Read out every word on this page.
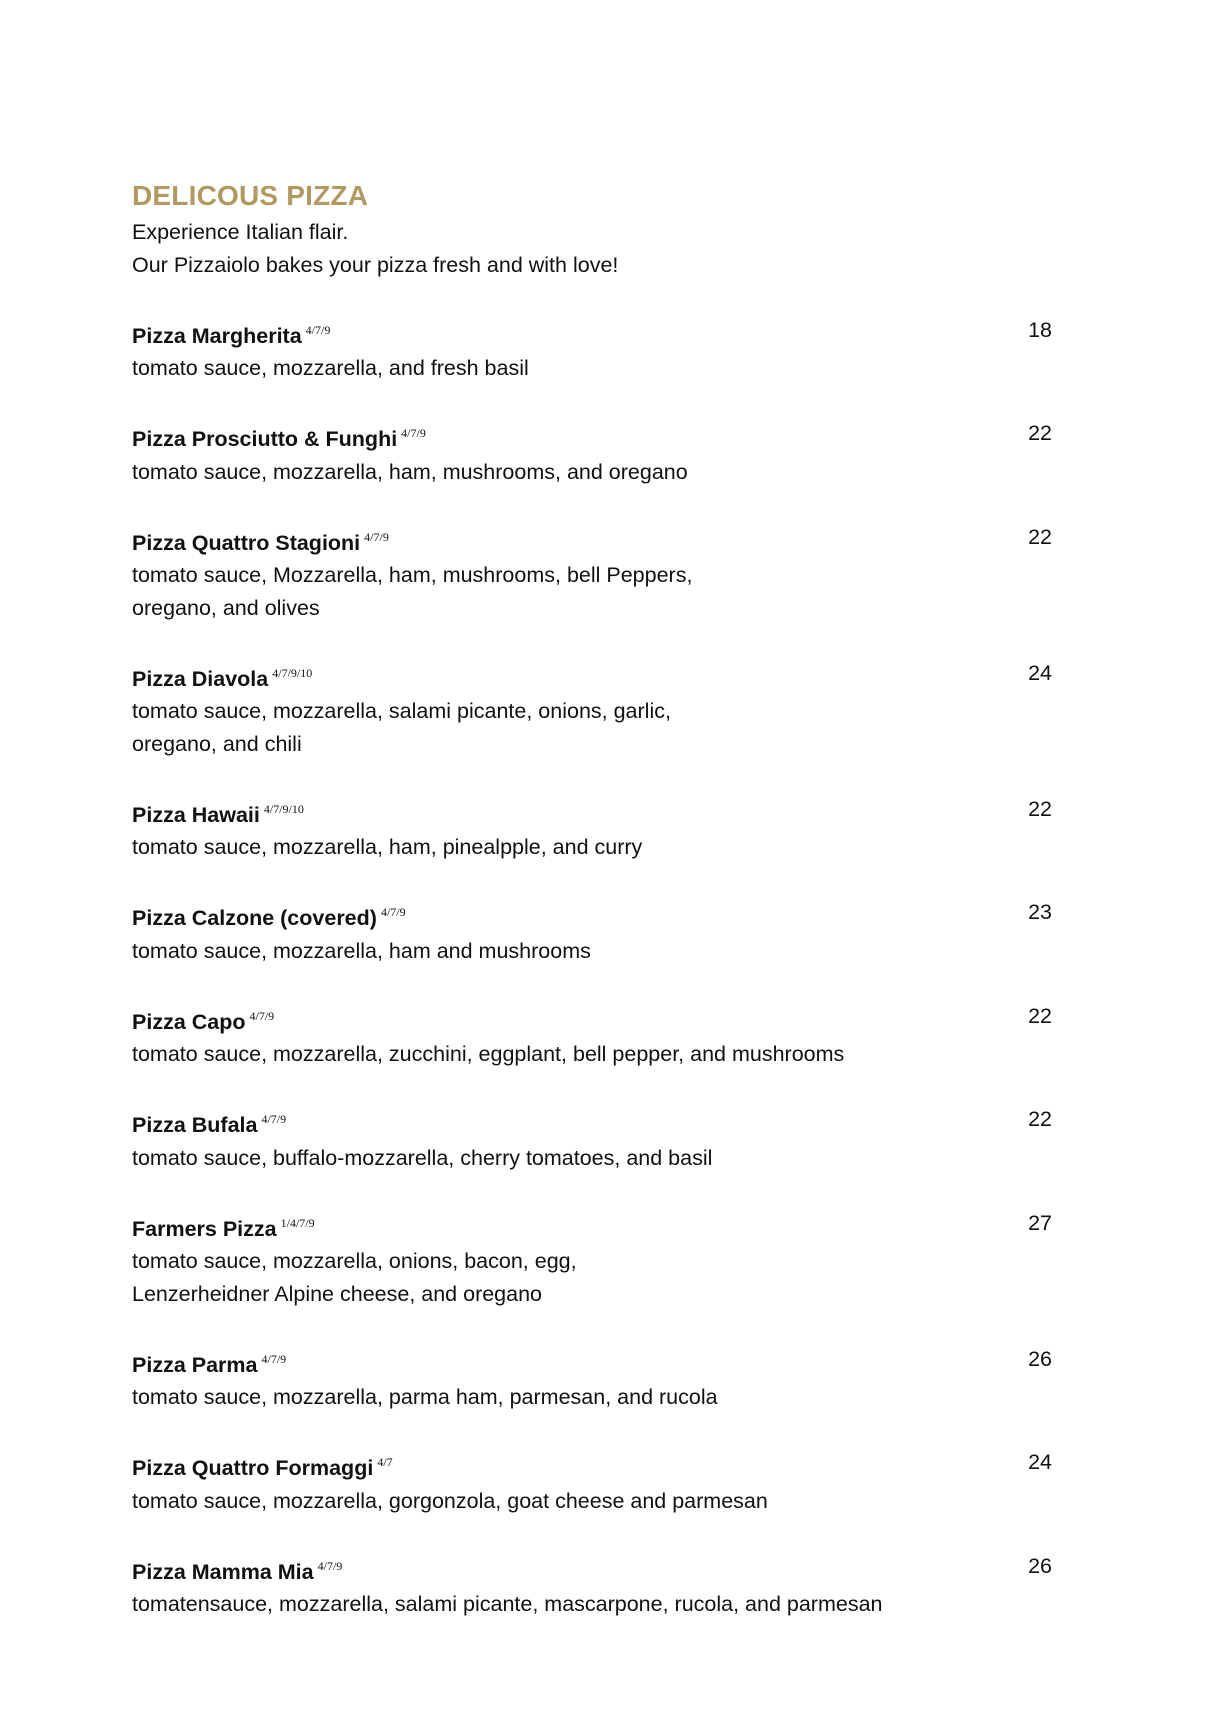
DELICOUS PIZZA
Experience Italian flair.
Our Pizzaiolo bakes your pizza fresh and with love!
Pizza Margherita $^{4/7/9}$	18
tomato sauce, mozzarella, and fresh basil
Pizza Prosciutto & Funghi $^{4/7/9}$	22
tomato sauce, mozzarella, ham, mushrooms, and oregano
Pizza Quattro Stagioni $^{4/7/9}$	22
tomato sauce, Mozzarella, ham, mushrooms, bell Peppers,
oregano, and olives
Pizza Diavola $^{4/7/9/10}$	24
tomato sauce, mozzarella, salami picante, onions, garlic,
oregano, and chili
Pizza Hawaii $^{4/7/9/10}$	22
tomato sauce, mozzarella, ham, pinealpple, and curry
Pizza Calzone (covered) $^{4/7/9}$	23
tomato sauce, mozzarella, ham and mushrooms
Pizza Capo $^{4/7/9}$	22
tomato sauce, mozzarella, zucchini, eggplant, bell pepper, and mushrooms
Pizza Bufala $^{4/7/9}$	22
tomato sauce, buffalo-mozzarella, cherry tomatoes, and basil
Farmers Pizza $^{1/4/7/9}$	27
tomato sauce, mozzarella, onions, bacon, egg,
Lenzerheidner Alpine cheese, and oregano
Pizza Parma $^{4/7/9}$	26
tomato sauce, mozzarella, parma ham, parmesan, and rucola
Pizza Quattro Formaggi $^{4/7}$	24
tomato sauce, mozzarella, gorgonzola, goat cheese and parmesan
Pizza Mamma Mia $^{4/7/9}$	26
tomatensauce, mozzarella, salami picante, mascarpone, rucola, and parmesan
